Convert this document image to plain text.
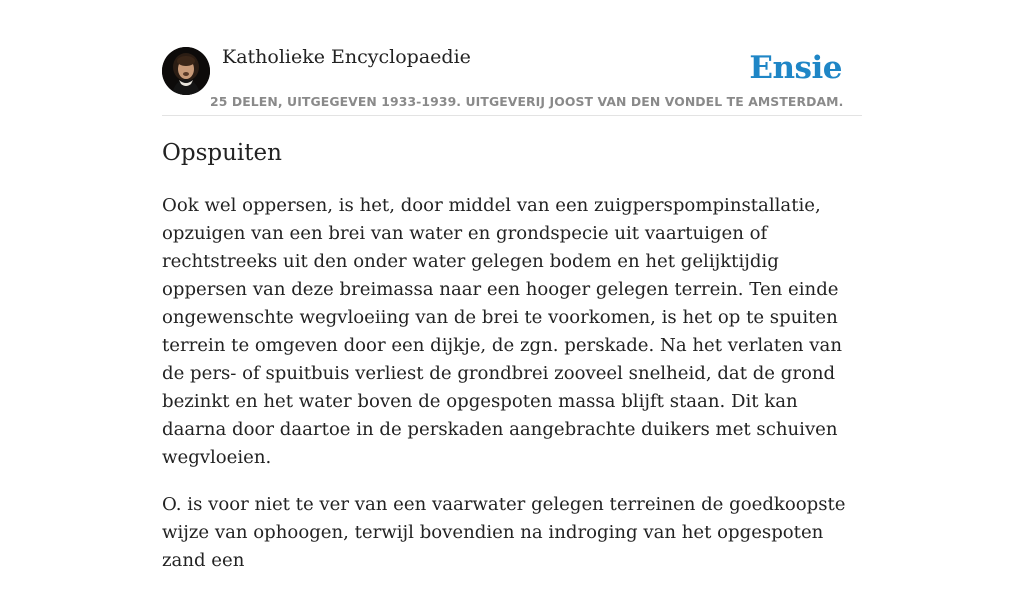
Katholieke Encyclopaedie
25 DELEN, UITGEGEVEN 1933-1939. UITGEVERIJ JOOST VAN DEN VONDEL TE AMSTERDAM.
Ensie
Opspuiten

Ook wel oppersen, is het, door middel van een zuigperspompinstallatie, opzuigen van een brei van water en grondspecie uit vaartuigen of rechtstreeks uit den onder water gelegen bodem en het gelijktijdig oppersen van deze breimassa naar een hooger gelegen terrein. Ten einde ongewenschte wegvloeiing van de brei te voorkomen, is het op te spuiten terrein te omgeven door een dijkje, de zgn. perskade. Na het verlaten van de pers- of spuitbuis verliest de grondbrei zooveel snelheid, dat de grond bezinkt en het water boven de opgespoten massa blijft staan. Dit kan daarna door daartoe in de perskaden aangebrachte duikers met schuiven wegvloeien.

O. is voor niet te ver van een vaarwater gelegen terreinen de goedkoopste wijze van ophoogen, terwijl bovendien na indroging van het opgespoten zand een
